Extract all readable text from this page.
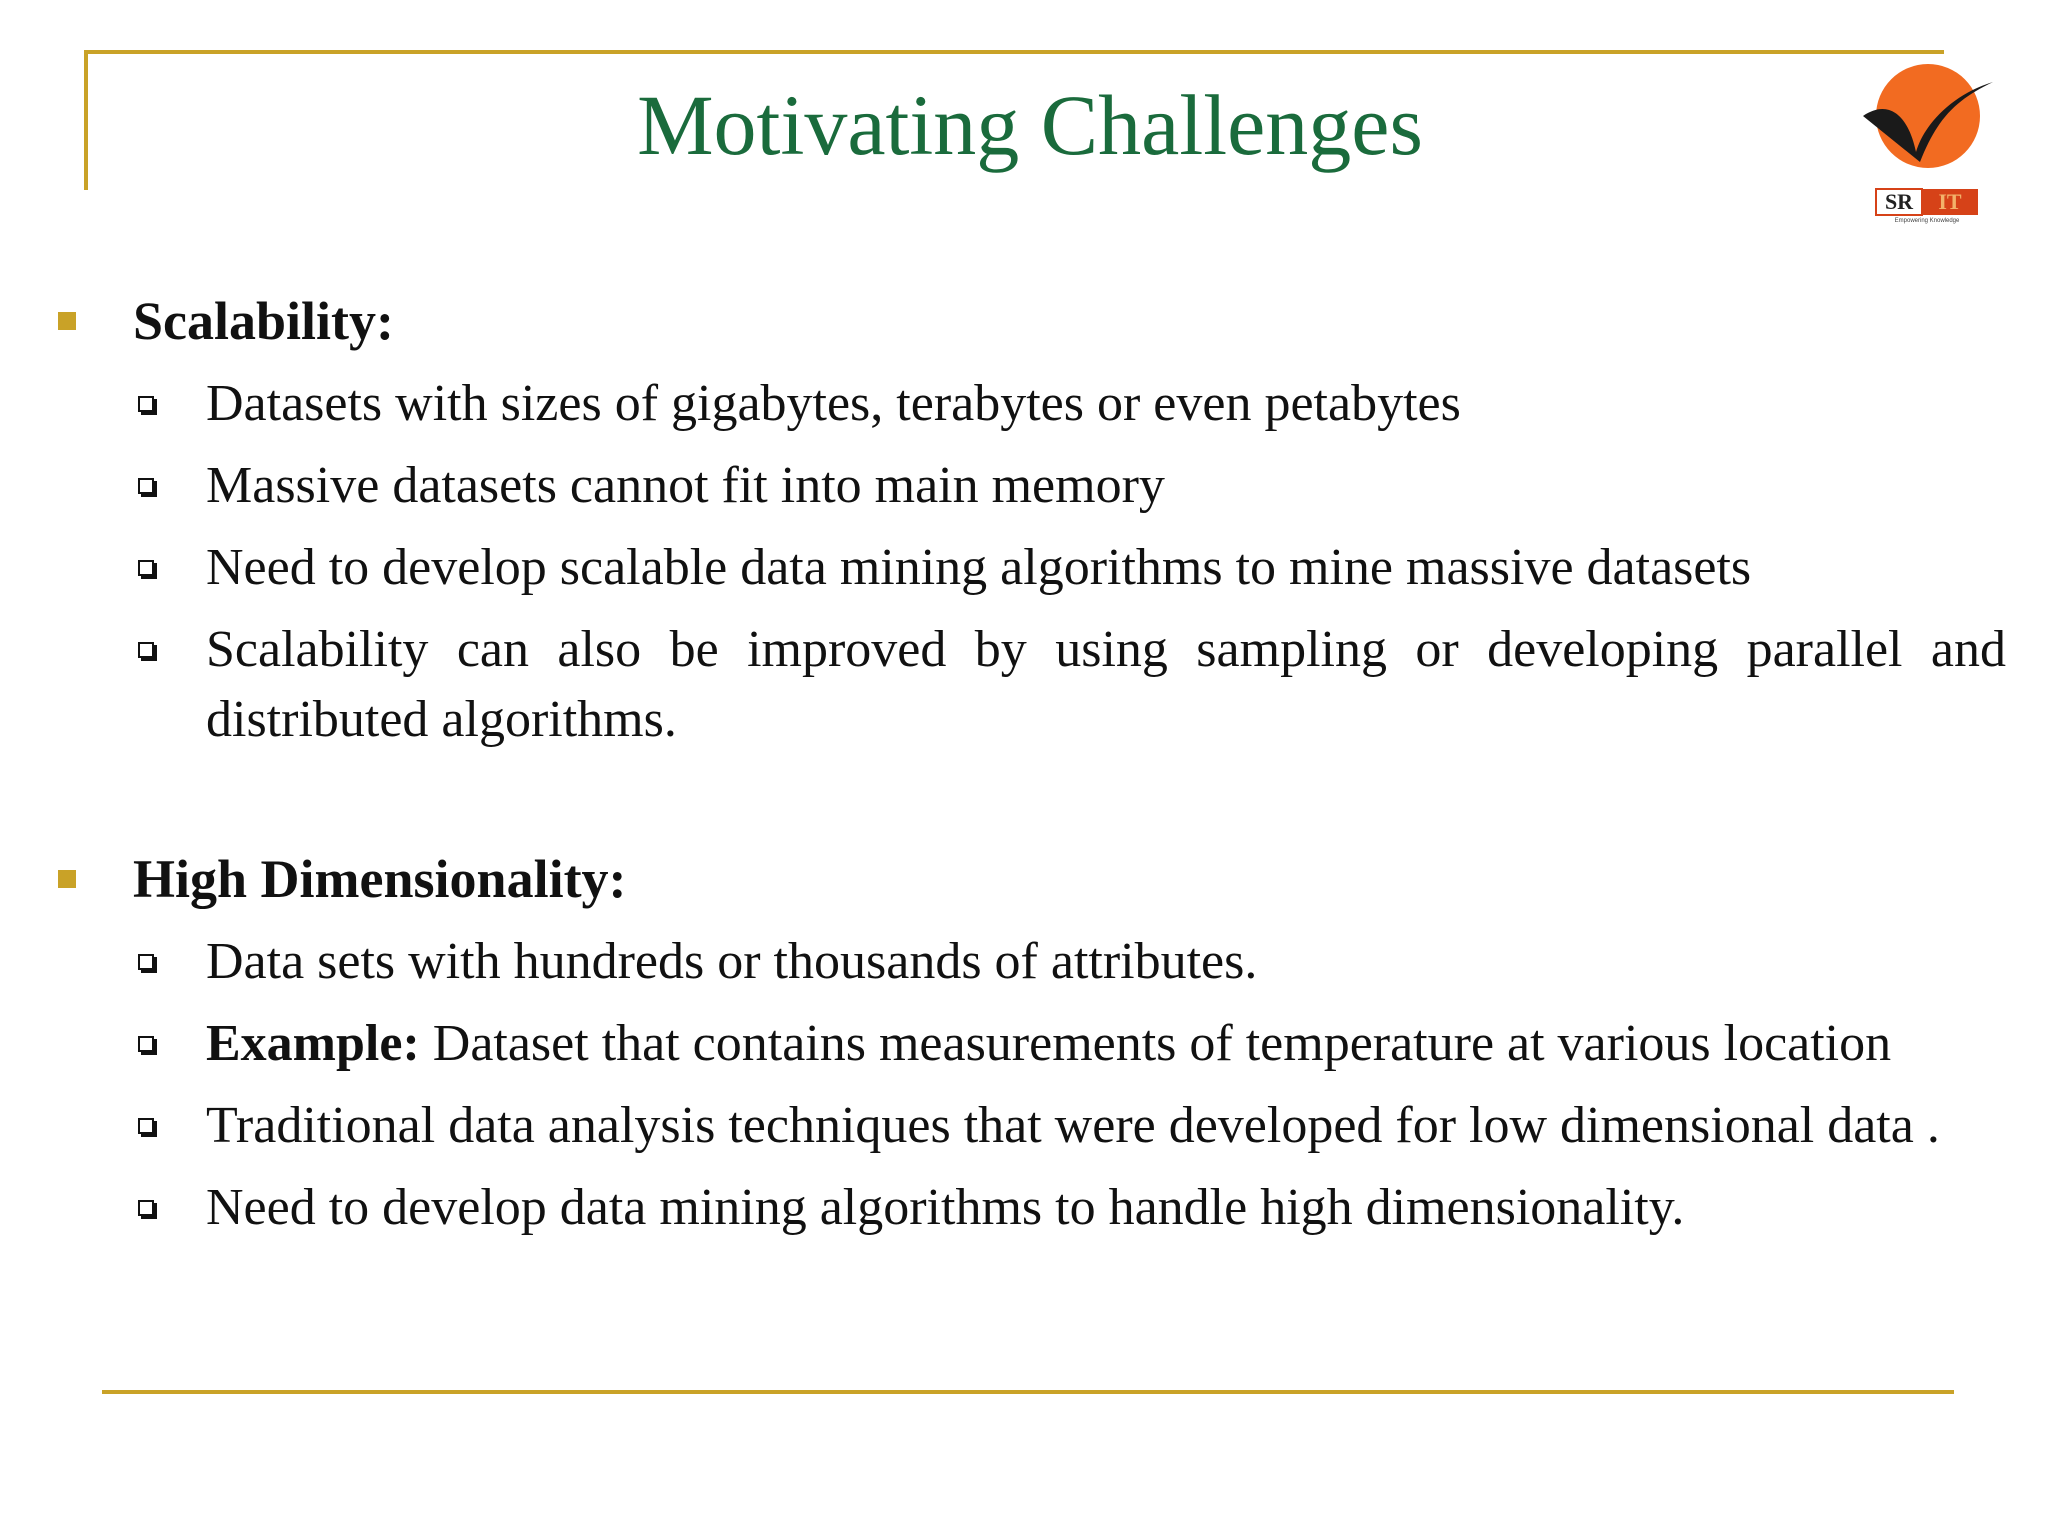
Motivating Challenges
SR IT
Empowering Knowledge
Scalability:
Datasets with sizes of gigabytes, terabytes or even petabytes
Massive datasets cannot fit into main memory
Need to develop scalable data mining algorithms to mine massive datasets
Scalability can also be improved by using sampling or developing parallel and distributed algorithms.
High Dimensionality:
Data sets with hundreds or thousands of attributes.
Example: Dataset that contains measurements of temperature at various location
Traditional data analysis techniques that were developed for low dimensional data .
Need to develop data mining algorithms to handle high dimensionality.
